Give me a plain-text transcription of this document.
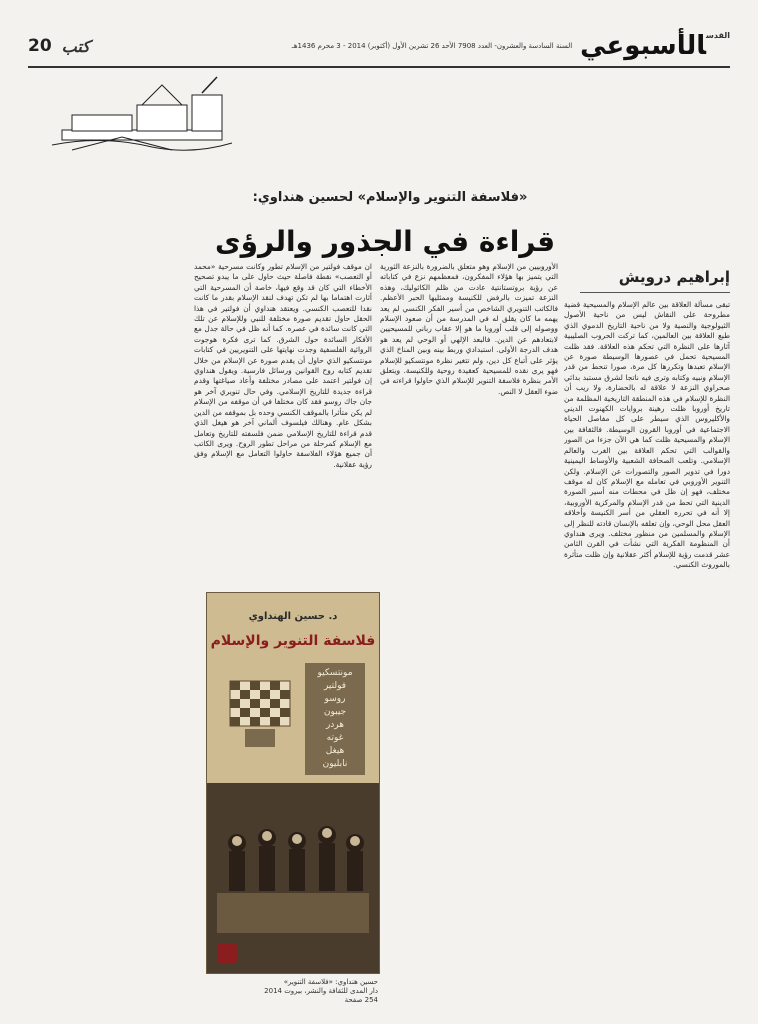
20 كتب
$^{القدس}$الأسبوعي
السنة السادسة والعشرون- العدد 7908 الأحد 26 تشرين الأول (أكتوبر) 2014 - 3 محرم 1436هـ
«فلاسفة التنوير والإسلام» لحسين هنداوي:
قراءة في الجذور والرؤى
إبراهيم درويش
تبقى مسألة العلاقة بين عالم الإسلام والمسيحية قضية مطروحة على النقاش ليس من ناحية الأصول الثيولوجية والنصية ولا من ناحية التاريخ الدموي الذي طبع العلاقة بين العالمين، كما تركت الحروب الصليبية آثارها على النظرة التي تحكم هذه العلاقة. فقد ظلت المسيحية تحمل في عصورها الوسيطة صورة عن الإسلام تعبدها وتكررها كل مرة، صورا تنحط من قدر الإسلام ونبيه وكتابه وترى فيه ناتجا لشرق مستبد بدائي صحراوي النزعة لا علاقة له بالحضارة، ولا ريب أن النظرة للإسلام في هذه المنطقة التاريخية المظلمة من تاريخ أوروبا ظلت رهينة بروايات الكهنوت الديني والأكليروس الذي سيطر على كل مفاصل الحياة الاجتماعية في أوروبا القرون الوسيطة. فالثقافة بين الإسلام والمسيحية ظلت كما هي الآن جزءا من الصور والقوالب التي تحكم العلاقة بين الغرب والعالم الإسلامي. وتلعب الصحافة الشعبية والأوساط اليمينية دورا في تدوير الصور والتصورات عن الإسلام. ولكن التنوير الأوروبي في تعامله مع الإسلام كان له موقف مختلف، فهو إن ظل في محطات منه أسير الصورة الدينية التي تحط من قدر الإسلام والمركزية الأوروبية، إلا أنه في تحرره العقلي من أسر الكنيسة وأخلاقه العقل محل الوحي، وإن تعلقه بالإنسان قادته للنظر إلى الإسلام والمسلمين من منظور مختلف. ويرى هنداوي أن المنظومة الفكرية التي نشأت في القرن الثامن عشر قدمت رؤية للإسلام أكثر عقلانية وإن ظلت متأثرة بالموروث الكنسي.
الأوروبيين من الإسلام وهو متعلق بالضرورة بالنزعة الثورية التي يتميز بها هؤلاء المفكرون، فمعظمهم نزع في كتاباته عن رؤية بروتستانتية عادت من ظلم الكاثوليك، وهذه النزعة تميزت بالرفض للكنيسة وممثليها الحبر الأعظم. فالكاتب التنويري الشاخص من أسير الفكر الكنسي لم يعد يهمه ما كان يقلق له في المدرسة من أن صعود الإسلام ووصوله إلى قلب أوروبا ما هو إلا عقاب رباني للمسيحيين لابتعادهم عن الدين. فالبعد الإلهي أو الوحي لم يعد هو هدف الدرجة الأولى. استبدادي وربط بينه وبين المناخ الذي يؤثر على أتباع كل دين، ولم تتغير نظرة مونتسكيو للإسلام فهو يرى نقده للمسيحية كعقيدة روحية وللكنيسة. ويتعلق الأمر بنظرة فلاسفة التنوير للإسلام الذي حاولوا قراءته في ضوء العقل لا النص.
ان موقف فولتير من الإسلام تطور وكانت مسرحية «محمد أو التعصب» نقطة فاصلة حيث حاول على ما يبدو تصحيح الأخطاء التي كان قد وقع فيها، خاصة أن المسرحية التي أثارت اهتماما بها لم تكن تهدف لنقد الإسلام بقدر ما كانت نقدا للتعصب الكنسي. ويعتقد هنداوي أن فولتير في هذا الحقل حاول تقديم صورة مختلفة للنبي وللإسلام عن تلك التي كانت سائدة في عصره. كما أنه ظل في حالة جدل مع الأفكار السائدة حول الشرق. كما ترى فكرة هوجوت الروائية الفلسفية وجدت نهايتها على التنويريين في كتابات مونتسكيو الذي حاول أن يقدم صورة عن الإسلام من خلال تقديم كتابه روح القوانين ورسائل فارسية. ويقول هنداوي إن فولتير اعتمد على مصادر مختلفة وأعاد صياغتها وقدم قراءة جديدة للتاريخ الإسلامي. وفي حال تنويري آخر هو جان جاك روسو فقد كان مختلفا في أن موقفه من الإسلام لم يكن متأثرا بالموقف الكنسي وحده بل بموقفه من الدين بشكل عام. وهنالك فيلسوف ألماني آخر هو هيغل الذي قدم قراءة للتاريخ الإسلامي ضمن فلسفته للتاريخ وتعامل مع الإسلام كمرحلة من مراحل تطور الروح. ويرى الكاتب أن جميع هؤلاء الفلاسفة حاولوا التعامل مع الإسلام وفق رؤية عقلانية.
د. حسين الهنداوي
فلاسفة التنوير والإسلام
مونتسكيو
فولتير
روسو
جيبون
هردر
غوته
هيغل
نابليون
حسين هنداوي: «فلاسفة التنوير»
دار المدى للثقافة والنشر، بيروت 2014
254 صفحة
